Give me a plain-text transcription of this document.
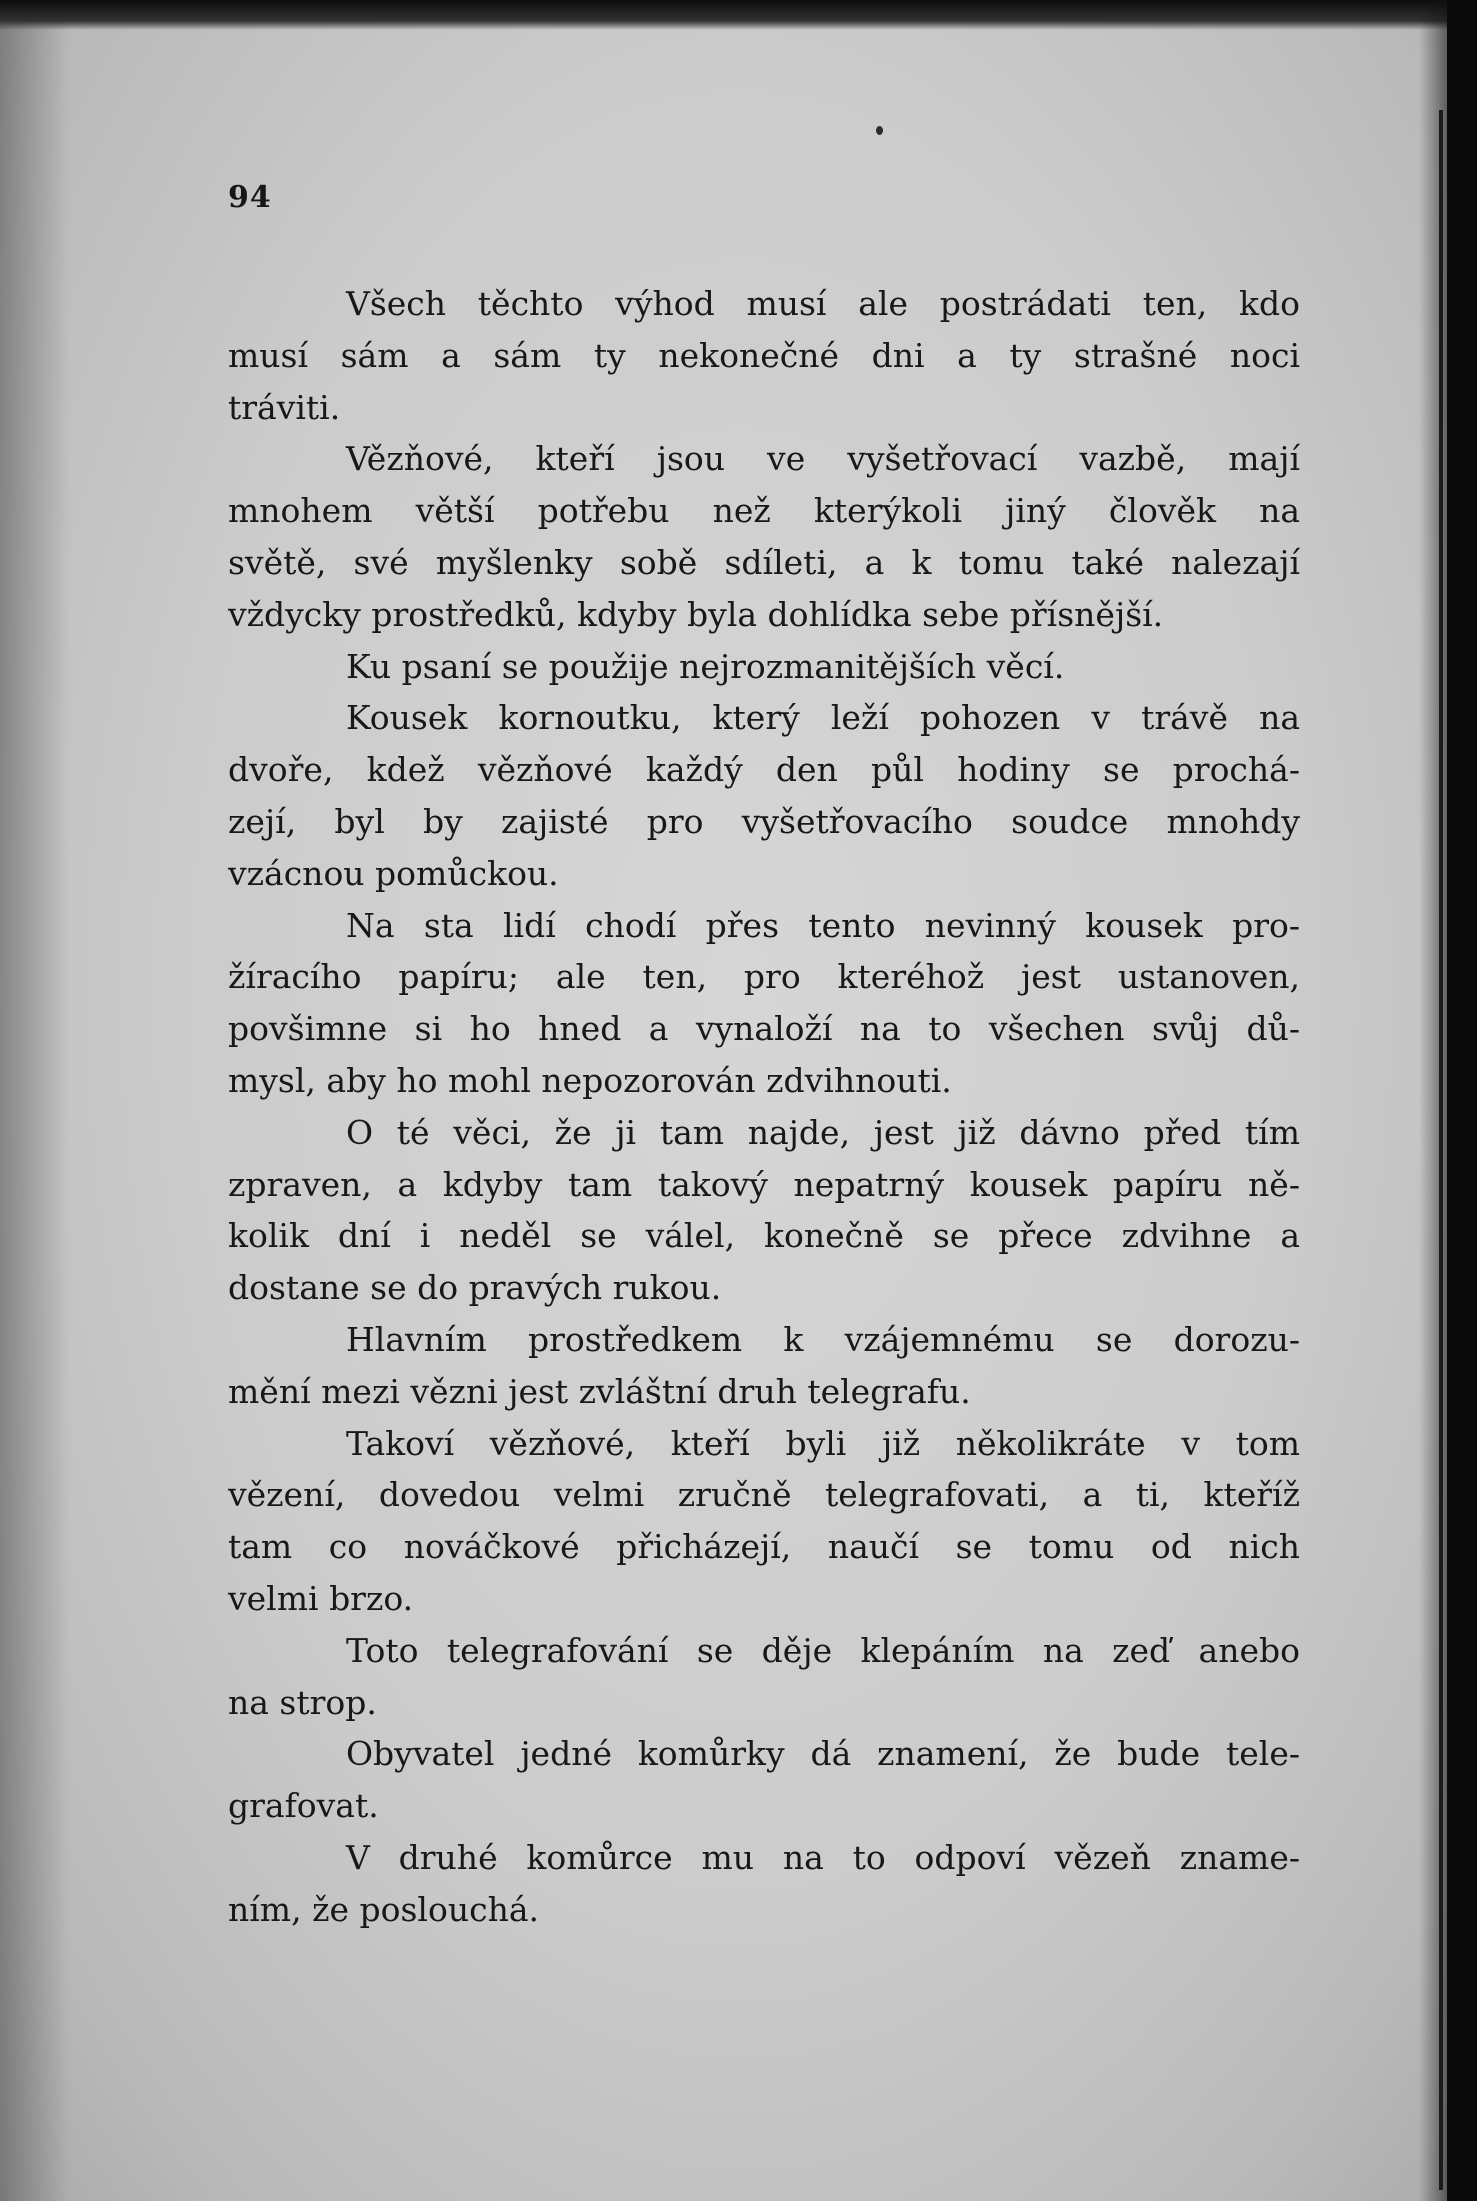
94
Všech těchto výhod musí ale postrádati ten, kdo
musí sám a sám ty nekonečné dni a ty strašné noci
tráviti.
Vězňové, kteří jsou ve vyšetřovací vazbě, mají
mnohem větší potřebu než kterýkoli jiný člověk na
světě, své myšlenky sobě sdíleti, a k tomu také nalezají
vždycky prostředků, kdyby byla dohlídka sebe přísnější.
Ku psaní se použije nejrozmanitějších věcí.
Kousek kornoutku, který leží pohozen v trávě na
dvoře, kdež vězňové každý den půl hodiny se prochá-
zejí, byl by zajisté pro vyšetřovacího soudce mnohdy
vzácnou pomůckou.
Na sta lidí chodí přes tento nevinný kousek pro-
žíracího papíru; ale ten, pro kteréhož jest ustanoven,
povšimne si ho hned a vynaloží na to všechen svůj dů-
mysl, aby ho mohl nepozorován zdvihnouti.
O té věci, že ji tam najde, jest již dávno před tím
zpraven, a kdyby tam takový nepatrný kousek papíru ně-
kolik dní i neděl se válel, konečně se přece zdvihne a
dostane se do pravých rukou.
Hlavním prostředkem k vzájemnému se dorozu-
mění mezi vězni jest zvláštní druh telegrafu.
Takoví vězňové, kteří byli již několikráte v tom
vězení, dovedou velmi zručně telegrafovati, a ti, kteříž
tam co nováčkové přicházejí, naučí se tomu od nich
velmi brzo.
Toto telegrafování se děje klepáním na zeď anebo
na strop.
Obyvatel jedné komůrky dá znamení, že bude tele-
grafovat.
V druhé komůrce mu na to odpoví vězeň zname-
ním, že poslouchá.
